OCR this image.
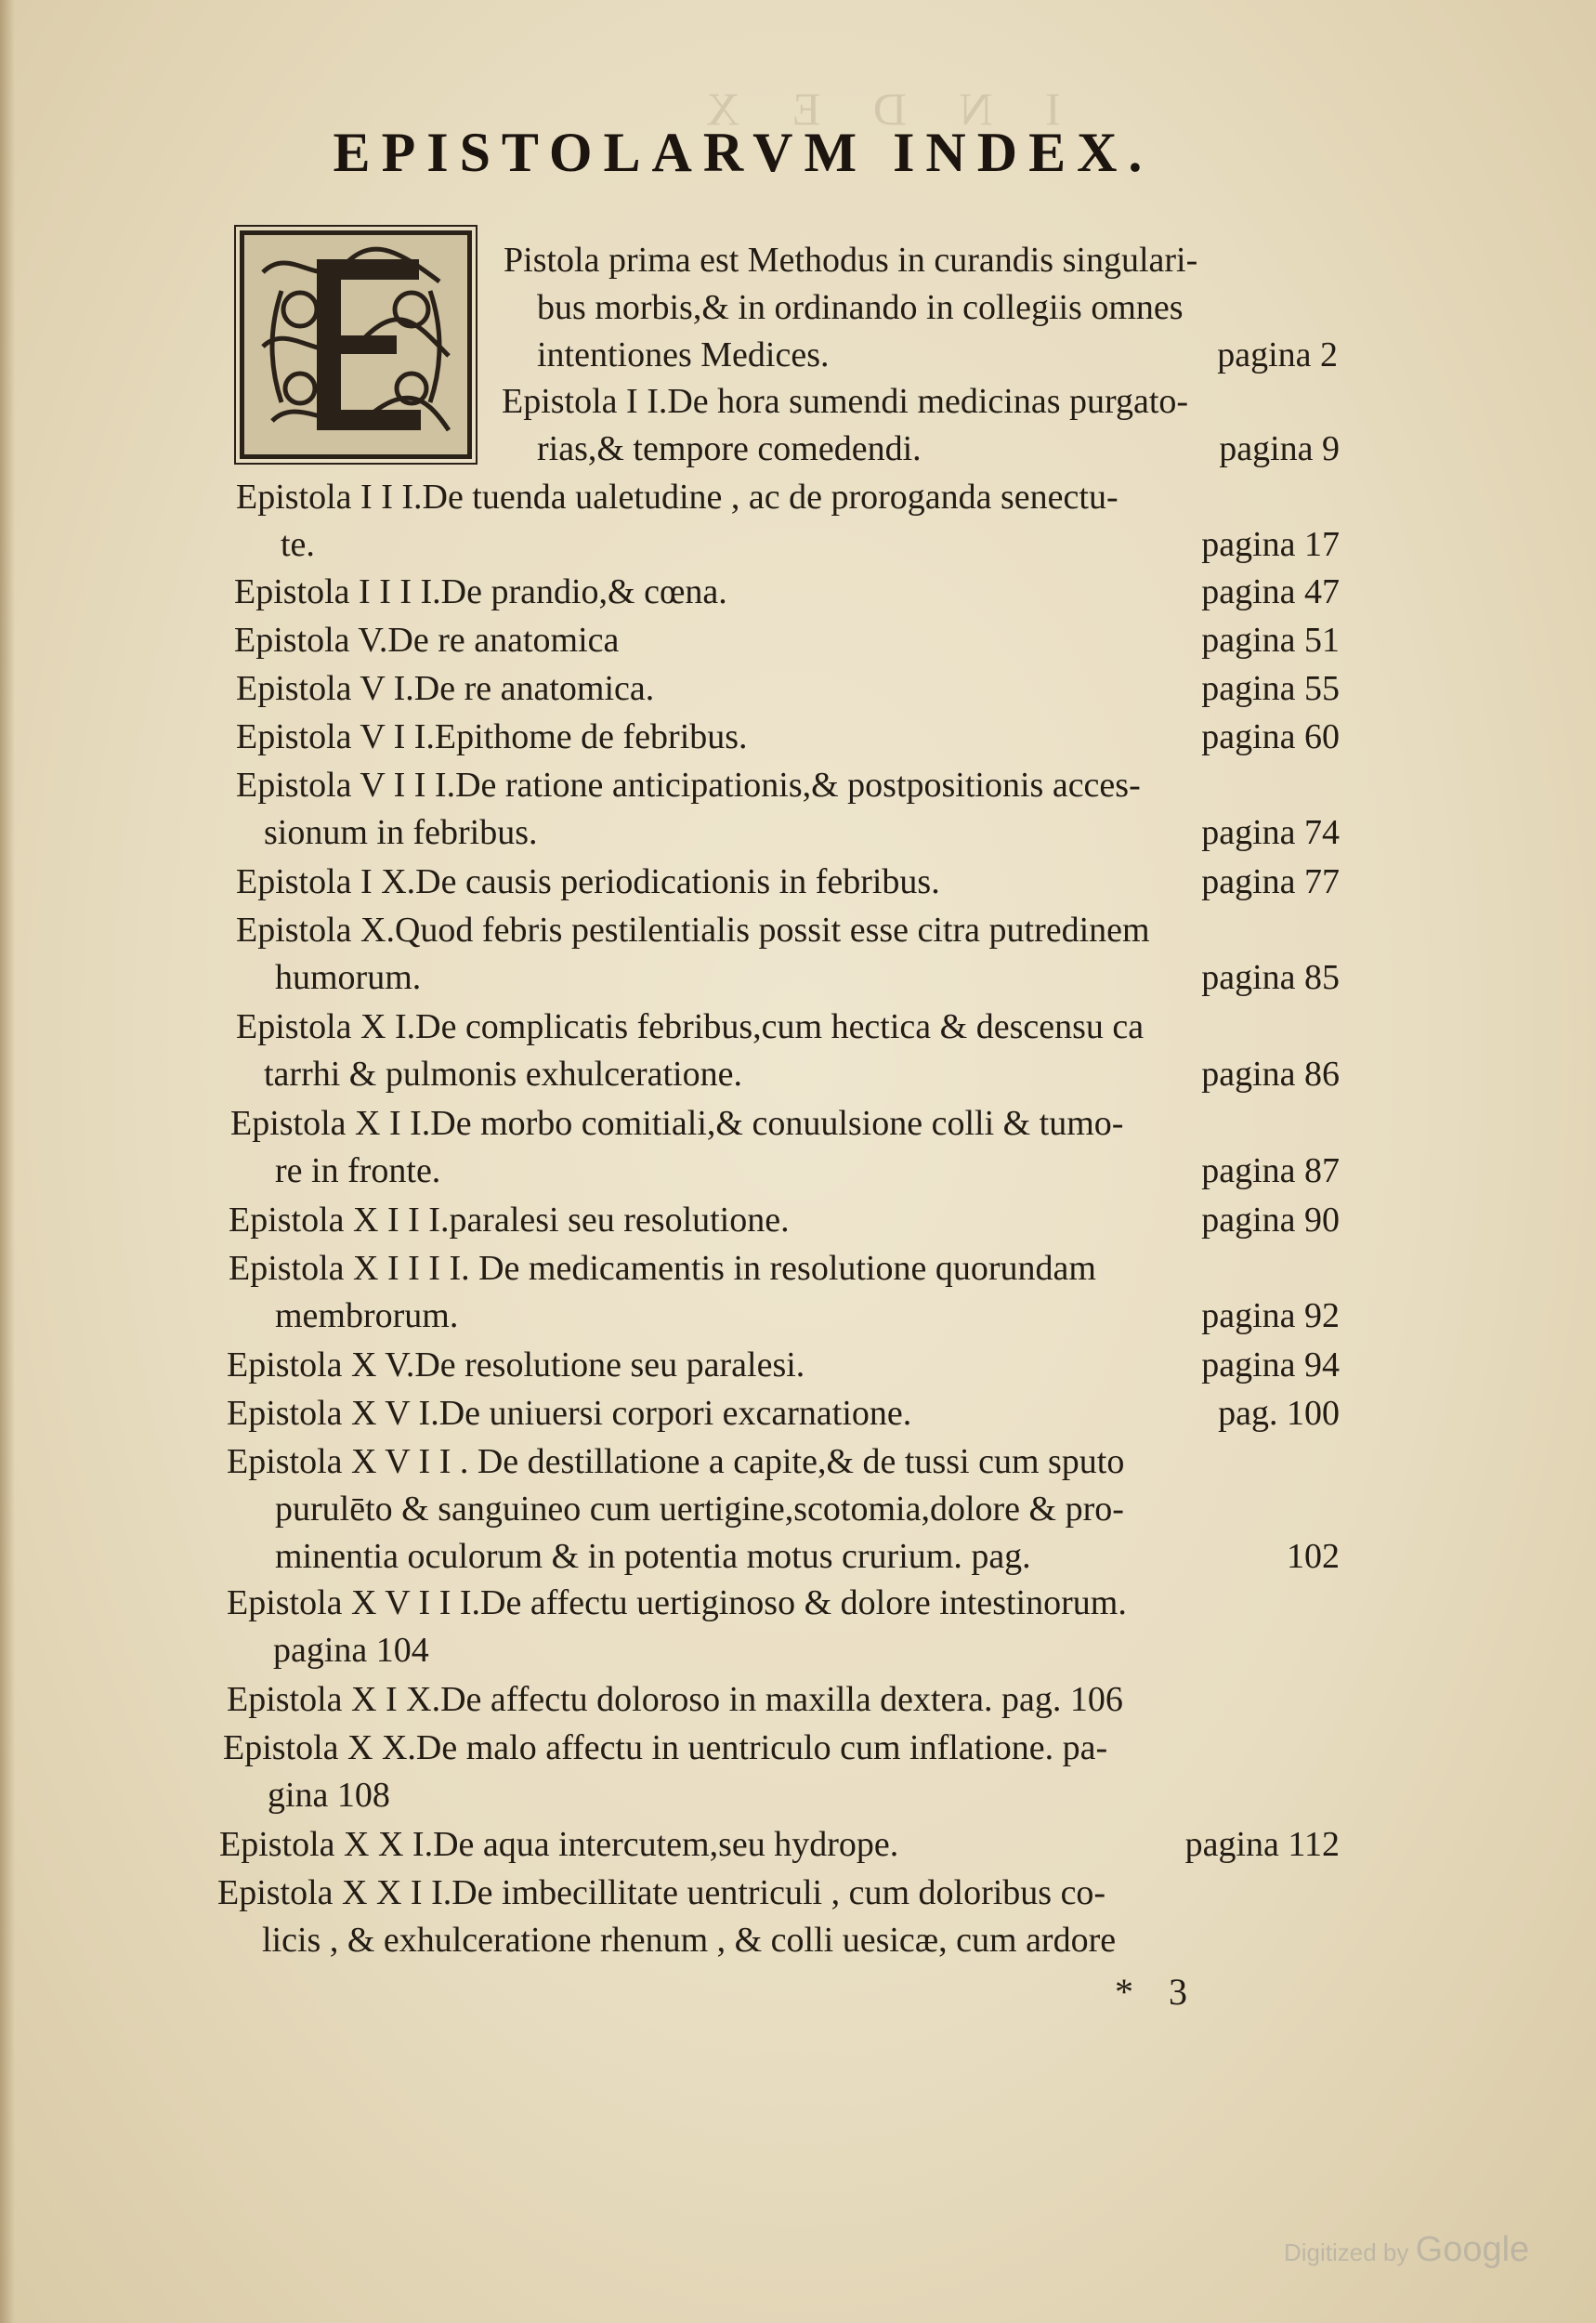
I N D E X
EPISTOLARVM INDEX.
Pistola prima est Methodus in curandis singulari-
bus morbis,& in ordinando in collegiis omnes
intentiones Medices.	pagina 2
Epistola I I.De hora sumendi medicinas purgato-
rias,& tempore comedendi.	pagina 9
Epistola I I I.De tuenda ualetudine , ac de proroganda senectu-
te.	pagina 17
Epistola I I I I.De prandio,& cœna.	pagina 47
Epistola V.De re anatomica	pagina 51
Epistola V I.De re anatomica.	pagina 55
Epistola V I I.Epithome de febribus.	pagina 60
Epistola V I I I.De ratione anticipationis,& postpositionis acces-
sionum in febribus.	pagina 74
Epistola I X.De causis periodicationis in febribus.	pagina 77
Epistola X.Quod febris pestilentialis possit esse citra putredinem
humorum.	pagina 85
Epistola X I.De complicatis febribus,cum hectica & descensu ca
tarrhi & pulmonis exhulceratione.	pagina 86
Epistola X I I.De morbo comitiali,& conuulsione colli & tumo-
re in fronte.	pagina 87
Epistola X I I I.paralesi seu resolutione.	pagina 90
Epistola X I I I I. De medicamentis in resolutione quorundam
membrorum.	pagina 92
Epistola X V.De resolutione seu paralesi.	pagina 94
Epistola X V I.De uniuersi corpori excarnatione.	pag. 100
Epistola X V I I . De destillatione a capite,& de tussi cum sputo
purulēto & sanguineo cum uertigine,scotomia,dolore & pro-
minentia oculorum & in potentia motus crurium. pag.	102
Epistola X V I I I.De affectu uertiginoso & dolore intestinorum.
pagina 104
Epistola X I X.De affectu doloroso in maxilla dextera. pag. 106
Epistola X X.De malo affectu in uentriculo cum inflatione. pa-
gina 108
Epistola X X I.De aqua intercutem,seu hydrope.	pagina 112
Epistola X X I I.De imbecillitate uentriculi , cum doloribus co-
licis , & exhulceratione rhenum , & colli uesicæ, cum ardore
* 3
Digitized by Google
